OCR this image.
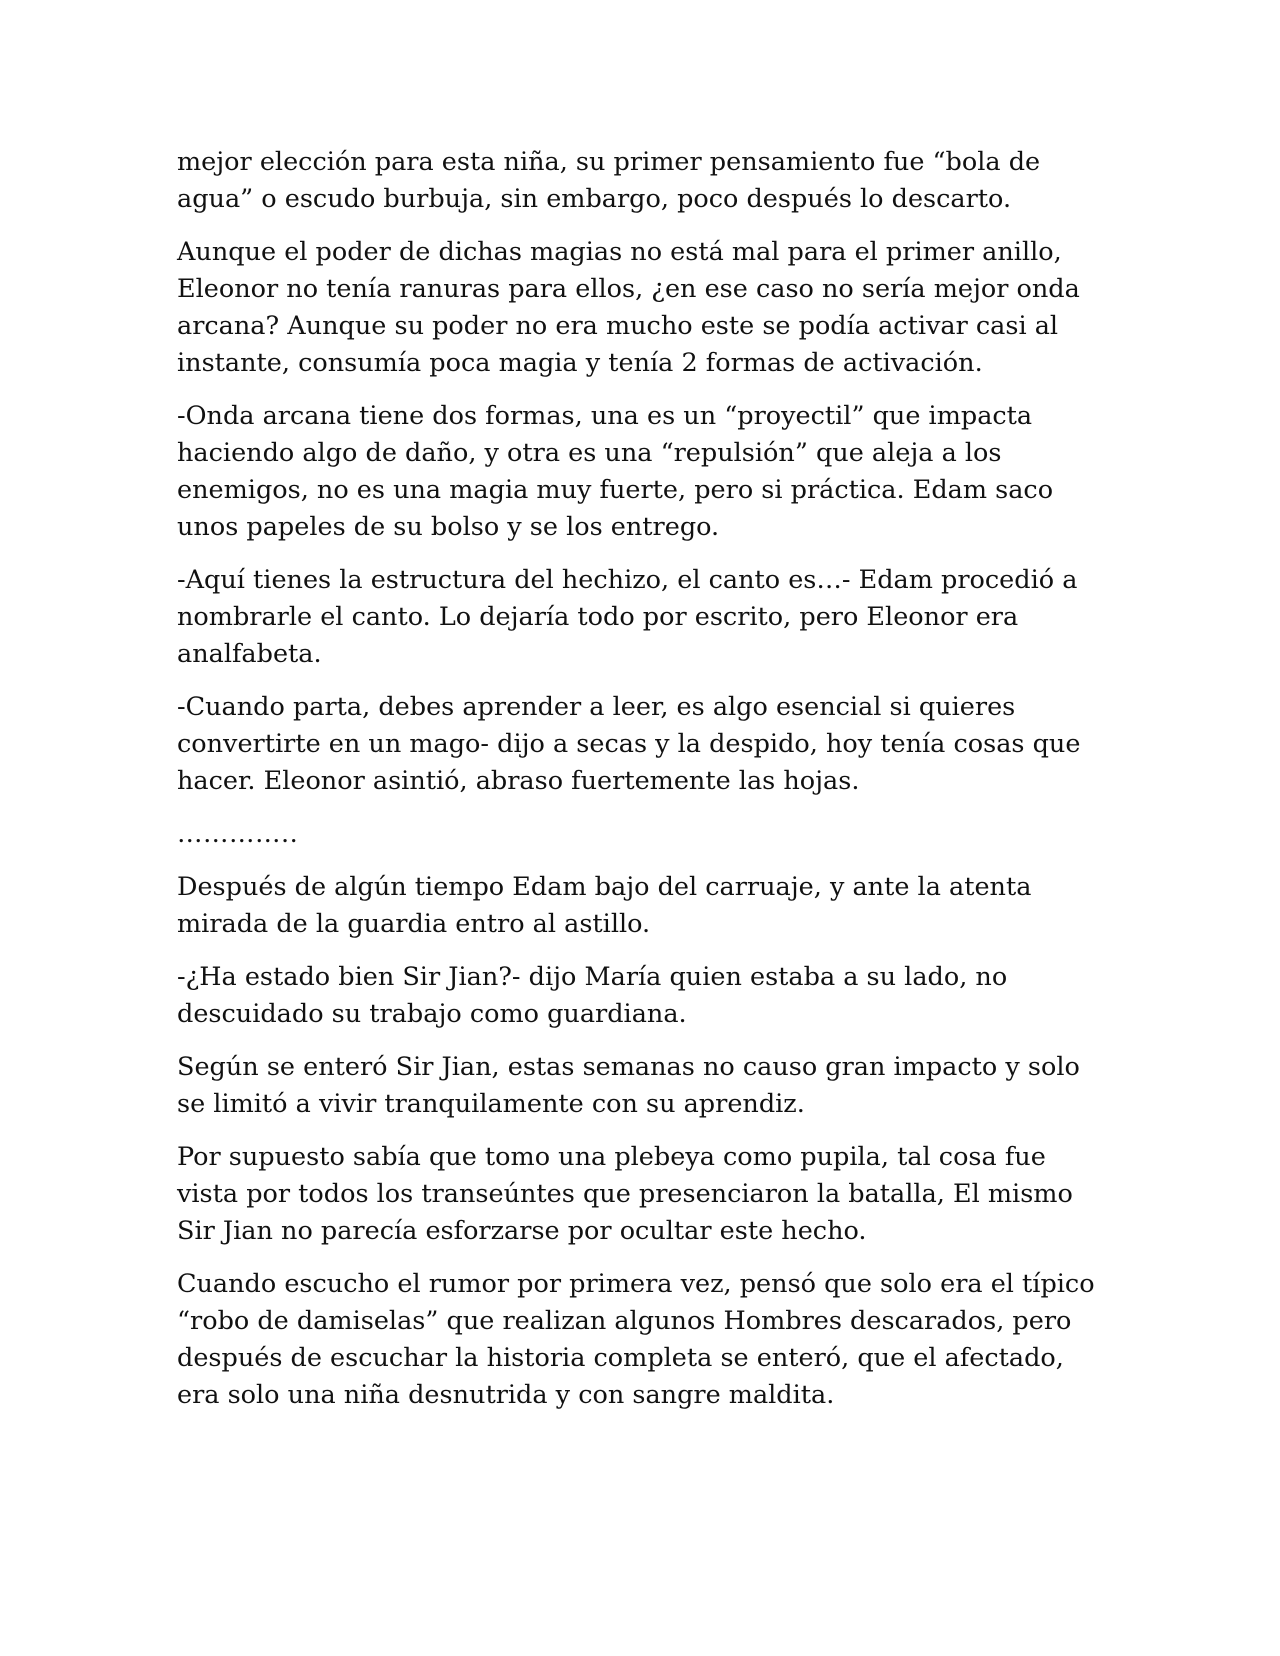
mejor elección para esta niña, su primer pensamiento fue “bola de agua” o escudo burbuja, sin embargo, poco después lo descarto.

Aunque el poder de dichas magias no está mal para el primer anillo, Eleonor no tenía ranuras para ellos, ¿en ese caso no sería mejor onda arcana? Aunque su poder no era mucho este se podía activar casi al instante, consumía poca magia y tenía 2 formas de activación.

-Onda arcana tiene dos formas, una es un “proyectil” que impacta haciendo algo de daño, y otra es una “repulsión” que aleja a los enemigos, no es una magia muy fuerte, pero si práctica. Edam saco unos papeles de su bolso y se los entrego.

-Aquí tienes la estructura del hechizo, el canto es…- Edam procedió a nombrarle el canto. Lo dejaría todo por escrito, pero Eleonor era analfabeta.

-Cuando parta, debes aprender a leer, es algo esencial si quieres convertirte en un mago- dijo a secas y la despido, hoy tenía cosas que hacer. Eleonor asintió, abraso fuertemente las hojas.

…………..

Después de algún tiempo Edam bajo del carruaje, y ante la atenta mirada de la guardia entro al astillo.

-¿Ha estado bien Sir Jian?- dijo María quien estaba a su lado, no descuidado su trabajo como guardiana.

Según se enteró Sir Jian, estas semanas no causo gran impacto y solo se limitó a vivir tranquilamente con su aprendiz.

Por supuesto sabía que tomo una plebeya como pupila, tal cosa fue vista por todos los transeúntes que presenciaron la batalla, El mismo Sir Jian no parecía esforzarse por ocultar este hecho.

Cuando escucho el rumor por primera vez, pensó que solo era el típico “robo de damiselas” que realizan algunos Hombres descarados, pero después de escuchar la historia completa se enteró, que el afectado, era solo una niña desnutrida y con sangre maldita.
